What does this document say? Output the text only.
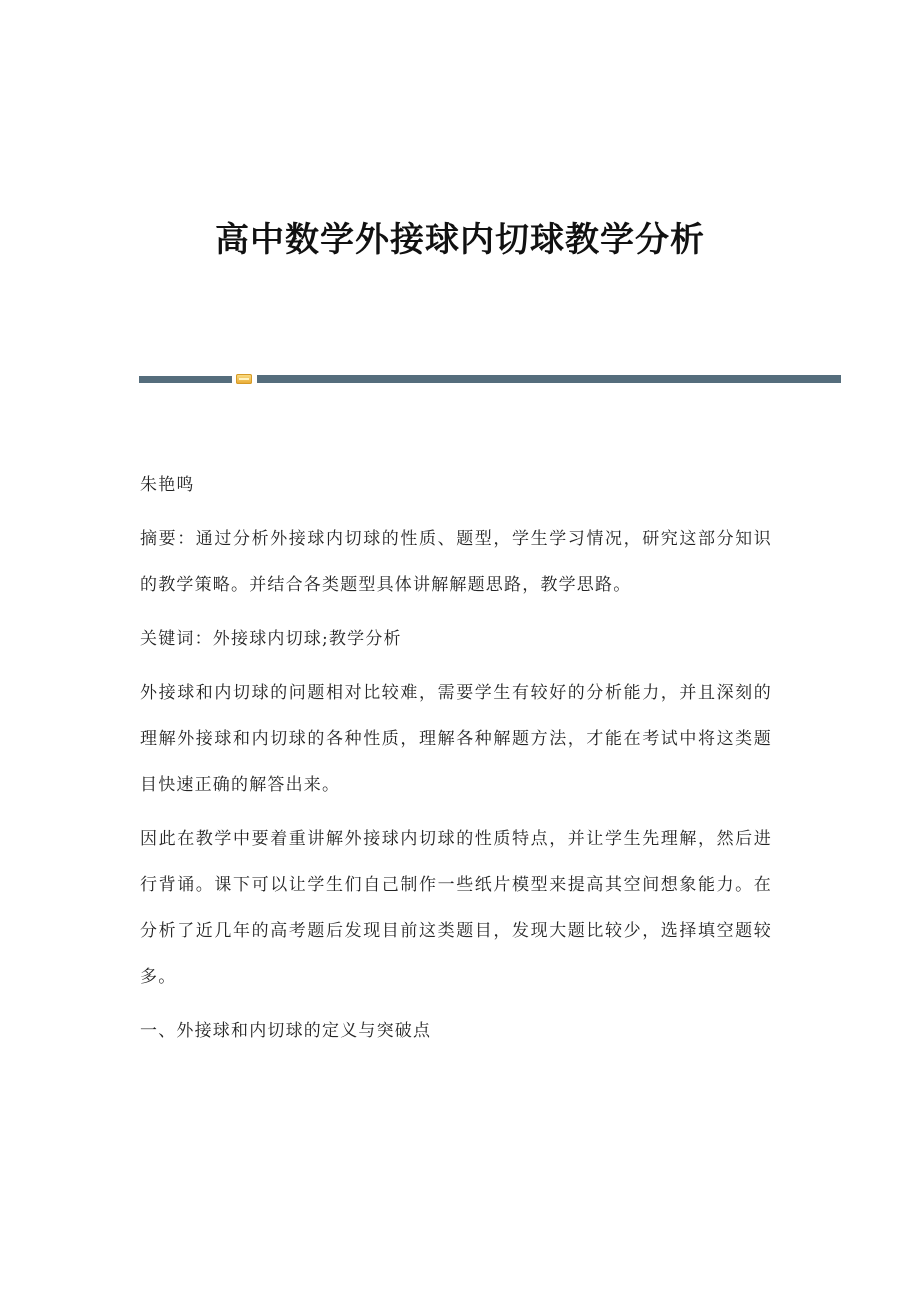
高中数学外接球内切球教学分析

朱艳鸣

摘要：通过分析外接球内切球的性质、题型，学生学习情况，研究这部分知识的教学策略。并结合各类题型具体讲解解题思路，教学思路。

关键词：外接球内切球;教学分析

外接球和内切球的问题相对比较难，需要学生有较好的分析能力，并且深刻的理解外接球和内切球的各种性质，理解各种解题方法，才能在考试中将这类题目快速正确的解答出来。

因此在教学中要着重讲解外接球内切球的性质特点，并让学生先理解，然后进行背诵。课下可以让学生们自己制作一些纸片模型来提高其空间想象能力。在分析了近几年的高考题后发现目前这类题目，发现大题比较少，选择填空题较多。

一、外接球和内切球的定义与突破点
